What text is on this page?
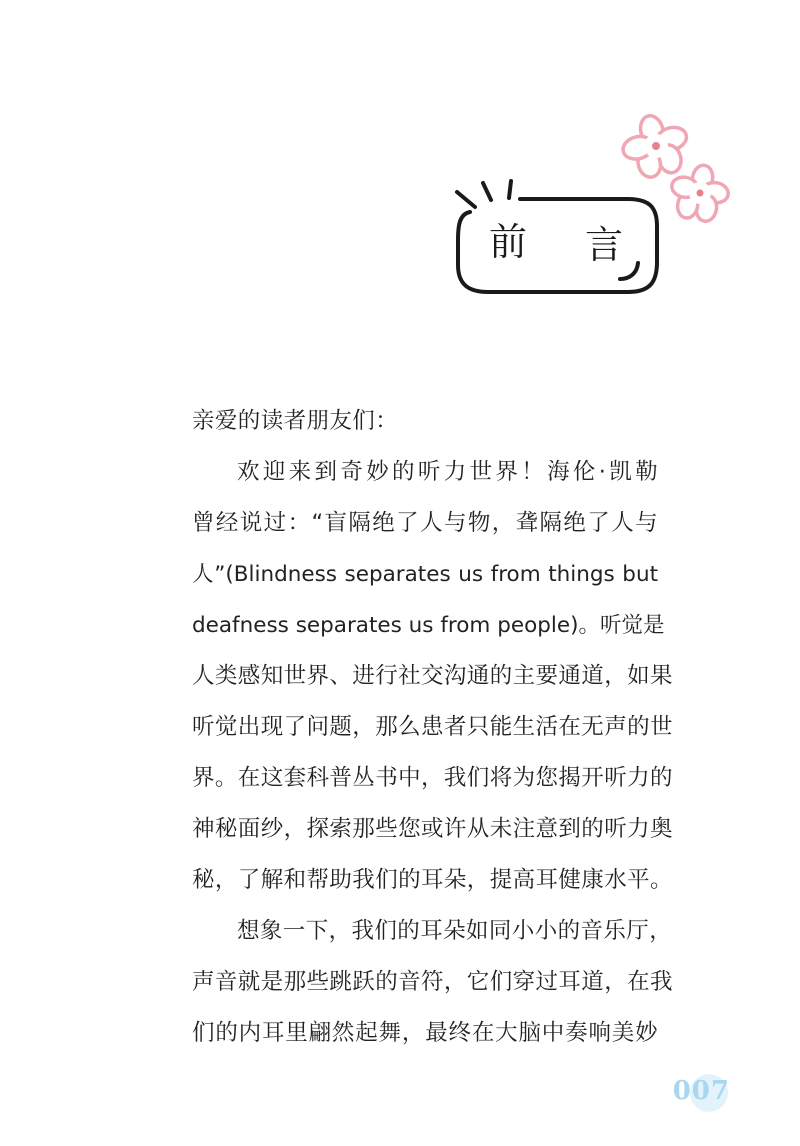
前 言
亲爱的读者朋友们：
欢迎来到奇妙的听力世界！海伦·凯勒
曾经说过：“盲隔绝了人与物，聋隔绝了人与
人”(Blindness separates us from things but
deafness separates us from people)。听觉是
人类感知世界、进行社交沟通的主要通道，如果
听觉出现了问题，那么患者只能生活在无声的世
界。在这套科普丛书中，我们将为您揭开听力的
神秘面纱，探索那些您或许从未注意到的听力奥
秘，了解和帮助我们的耳朵，提高耳健康水平。
想象一下，我们的耳朵如同小小的音乐厅，
声音就是那些跳跃的音符，它们穿过耳道，在我
们的内耳里翩然起舞，最终在大脑中奏响美妙
007
